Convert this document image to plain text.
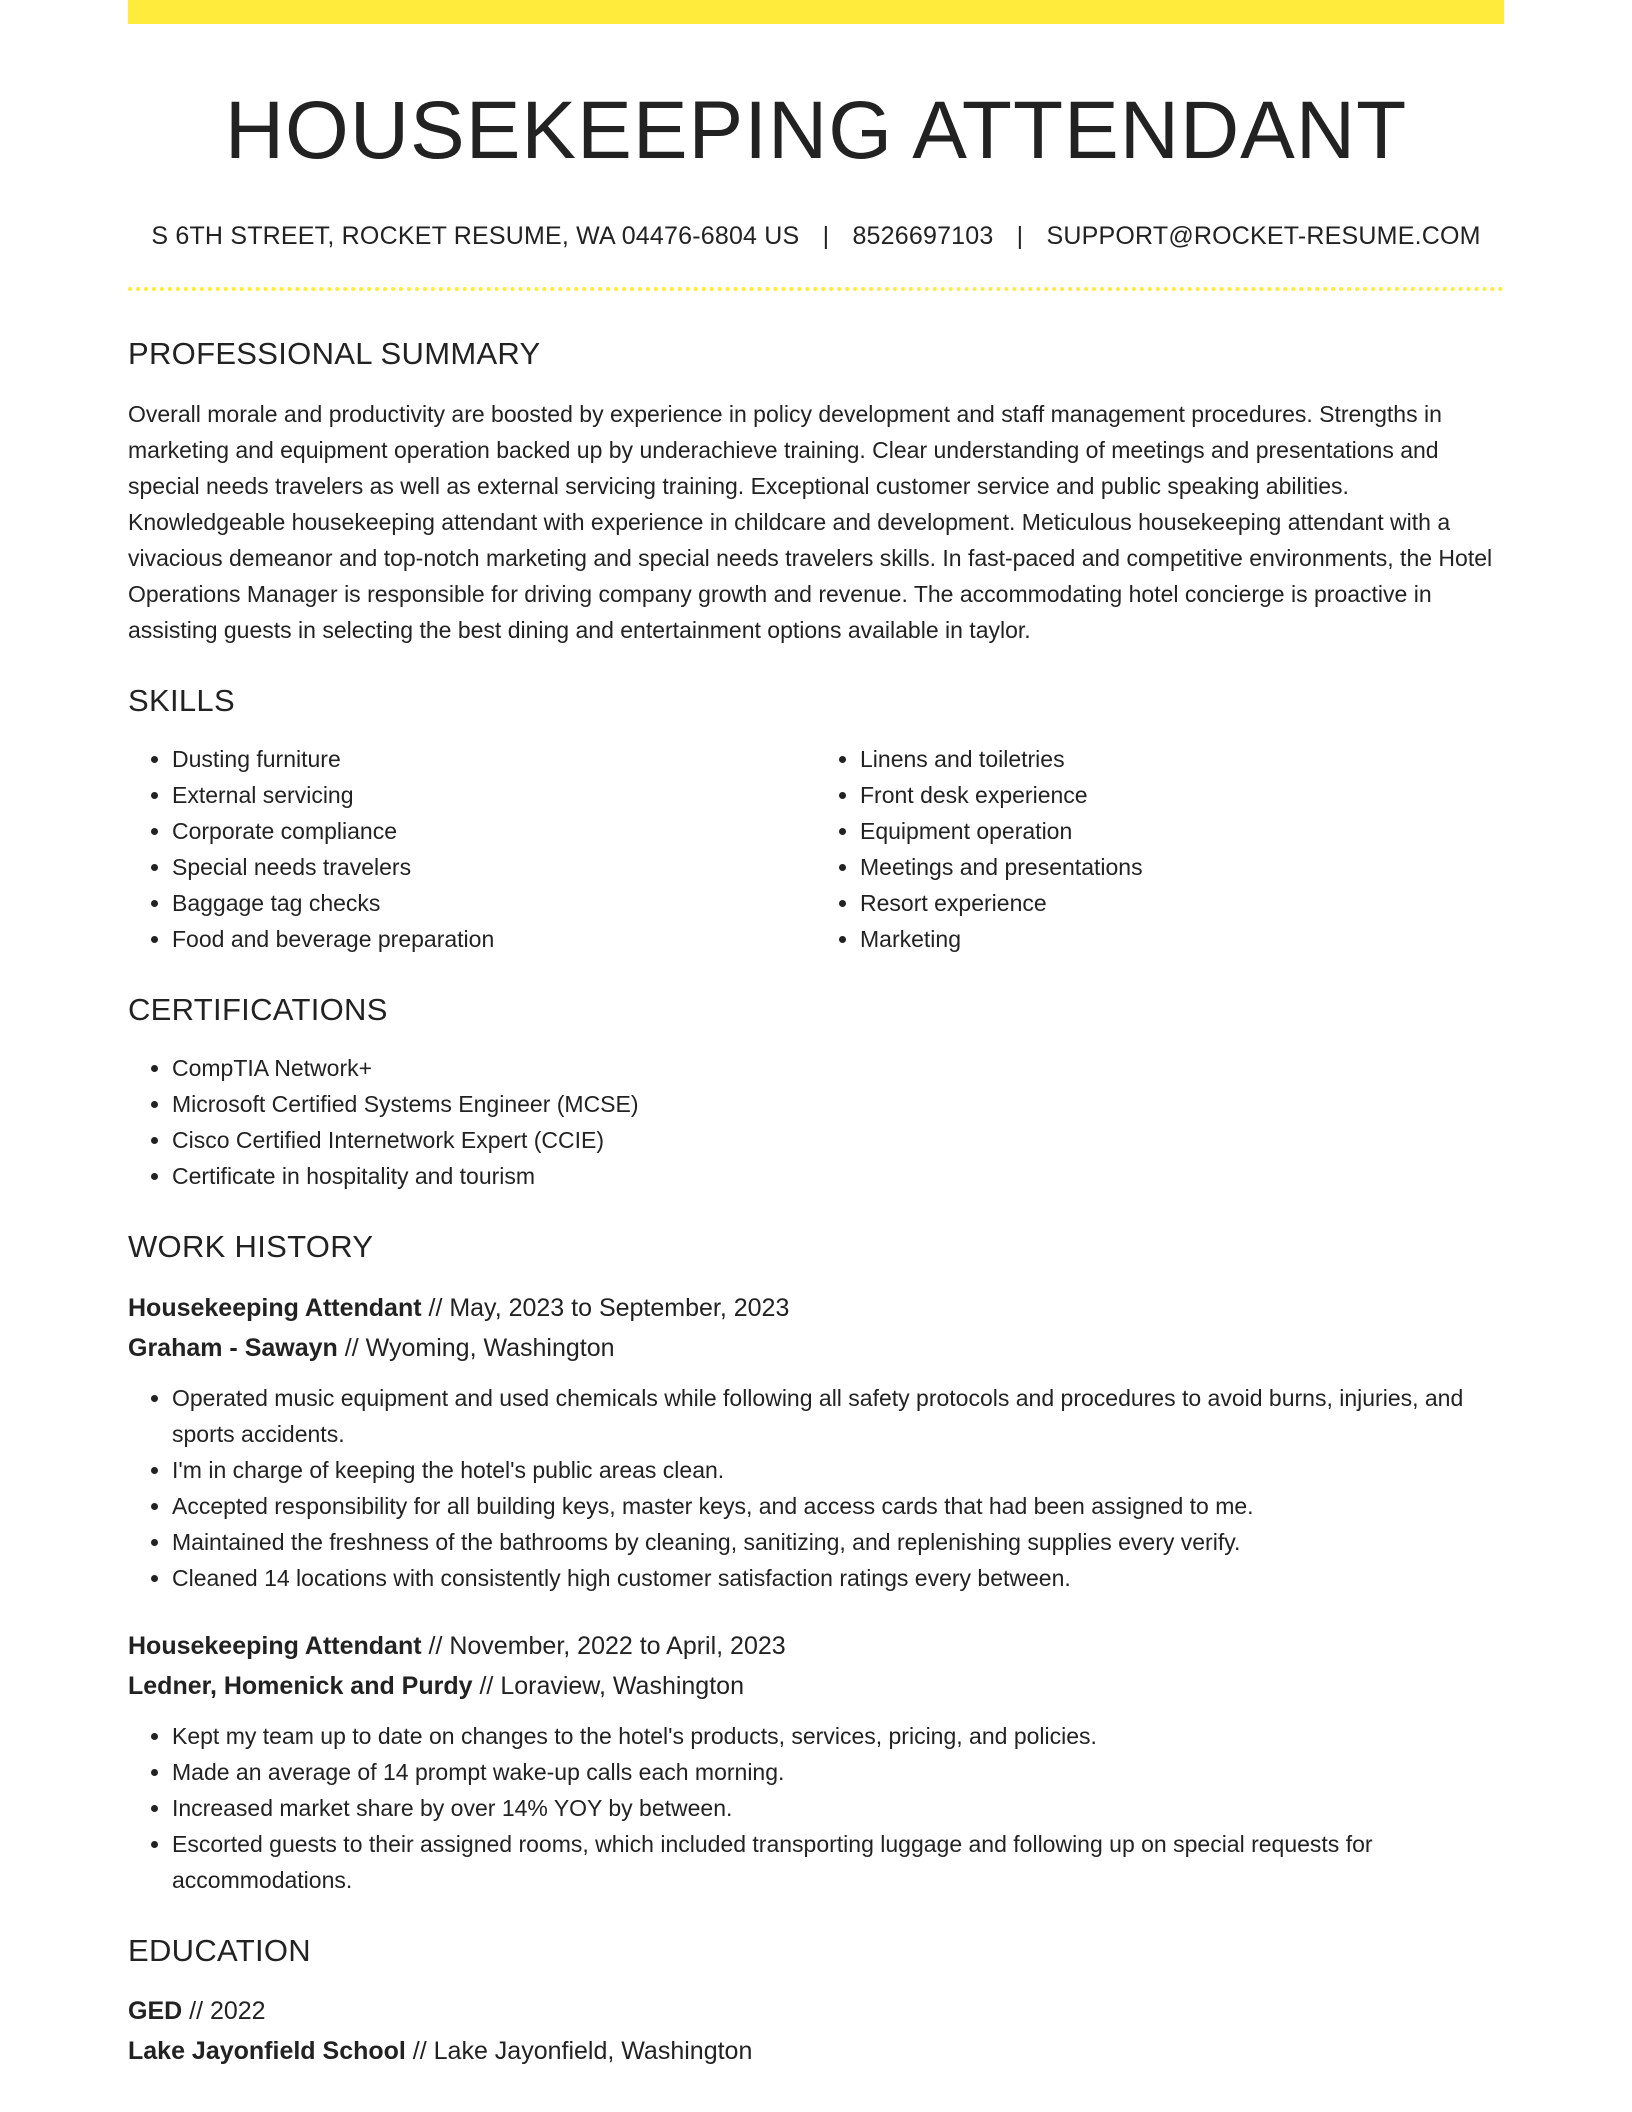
HOUSEKEEPING ATTENDANT
S 6TH STREET, ROCKET RESUME, WA 04476-6804 US | 8526697103 | SUPPORT@ROCKET-RESUME.COM
PROFESSIONAL SUMMARY
Overall morale and productivity are boosted by experience in policy development and staff management procedures. Strengths in marketing and equipment operation backed up by underachieve training. Clear understanding of meetings and presentations and special needs travelers as well as external servicing training. Exceptional customer service and public speaking abilities. Knowledgeable housekeeping attendant with experience in childcare and development. Meticulous housekeeping attendant with a vivacious demeanor and top-notch marketing and special needs travelers skills. In fast-paced and competitive environments, the Hotel Operations Manager is responsible for driving company growth and revenue. The accommodating hotel concierge is proactive in assisting guests in selecting the best dining and entertainment options available in taylor.
SKILLS
• Dusting furniture
• External servicing
• Corporate compliance
• Special needs travelers
• Baggage tag checks
• Food and beverage preparation
• Linens and toiletries
• Front desk experience
• Equipment operation
• Meetings and presentations
• Resort experience
• Marketing
CERTIFICATIONS
• CompTIA Network+
• Microsoft Certified Systems Engineer (MCSE)
• Cisco Certified Internetwork Expert (CCIE)
• Certificate in hospitality and tourism
WORK HISTORY
Housekeeping Attendant // May, 2023 to September, 2023
Graham - Sawayn // Wyoming, Washington
• Operated music equipment and used chemicals while following all safety protocols and procedures to avoid burns, injuries, and sports accidents.
• I'm in charge of keeping the hotel's public areas clean.
• Accepted responsibility for all building keys, master keys, and access cards that had been assigned to me.
• Maintained the freshness of the bathrooms by cleaning, sanitizing, and replenishing supplies every verify.
• Cleaned 14 locations with consistently high customer satisfaction ratings every between.
Housekeeping Attendant // November, 2022 to April, 2023
Ledner, Homenick and Purdy // Loraview, Washington
• Kept my team up to date on changes to the hotel's products, services, pricing, and policies.
• Made an average of 14 prompt wake-up calls each morning.
• Increased market share by over 14% YOY by between.
• Escorted guests to their assigned rooms, which included transporting luggage and following up on special requests for accommodations.
EDUCATION
GED // 2022
Lake Jayonfield School // Lake Jayonfield, Washington
